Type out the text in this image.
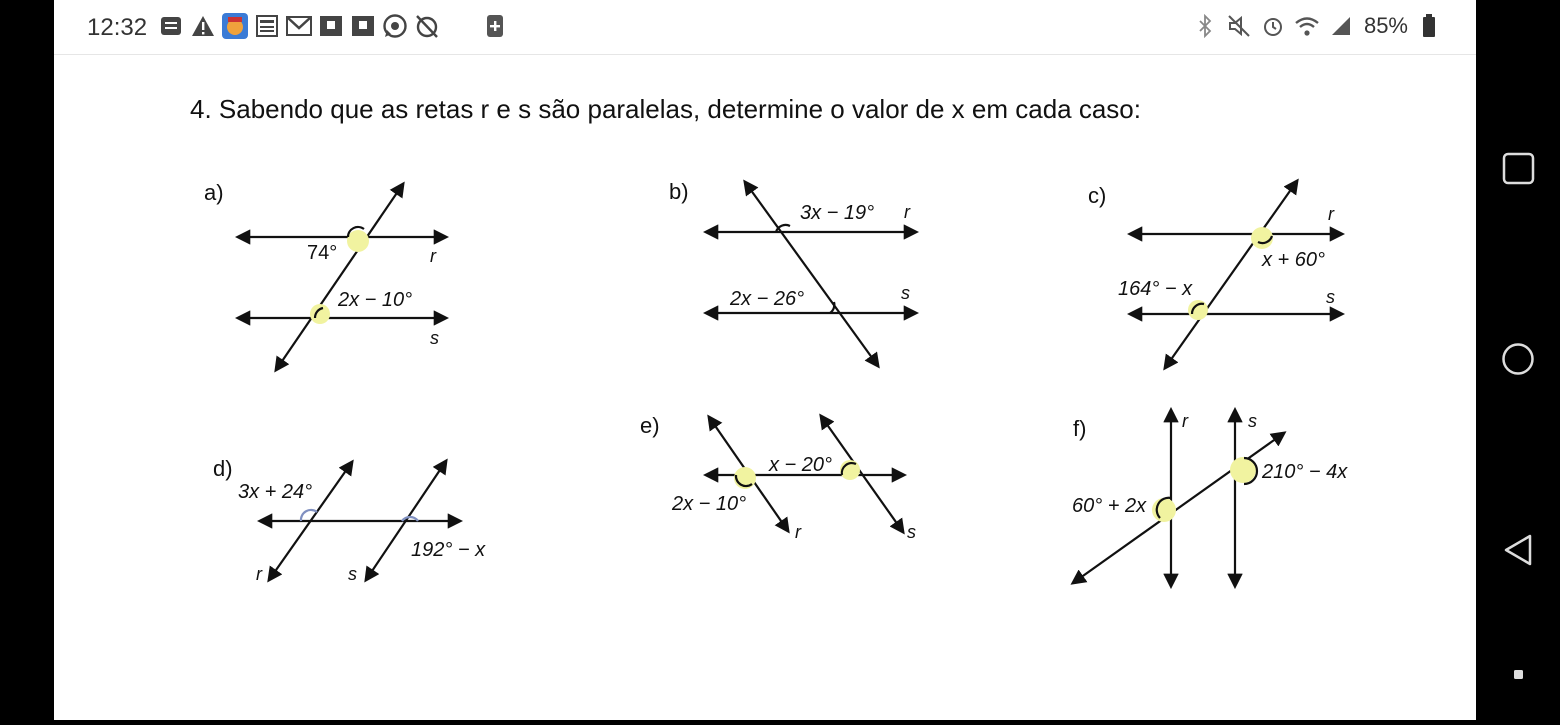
12:32	85%
4. Sabendo que as retas r e s são paralelas, determine o valor de x em cada caso:
a)
74°
2x − 10°
r
s
b)
3x − 19°
2x − 26°
r
s
c)
x + 60°
164° − x
r
s
d)
3x + 24°
192° − x
r	s
e)
x − 20°
2x − 10°
r	s
f)
210° − 4x
60° + 2x
r	s
